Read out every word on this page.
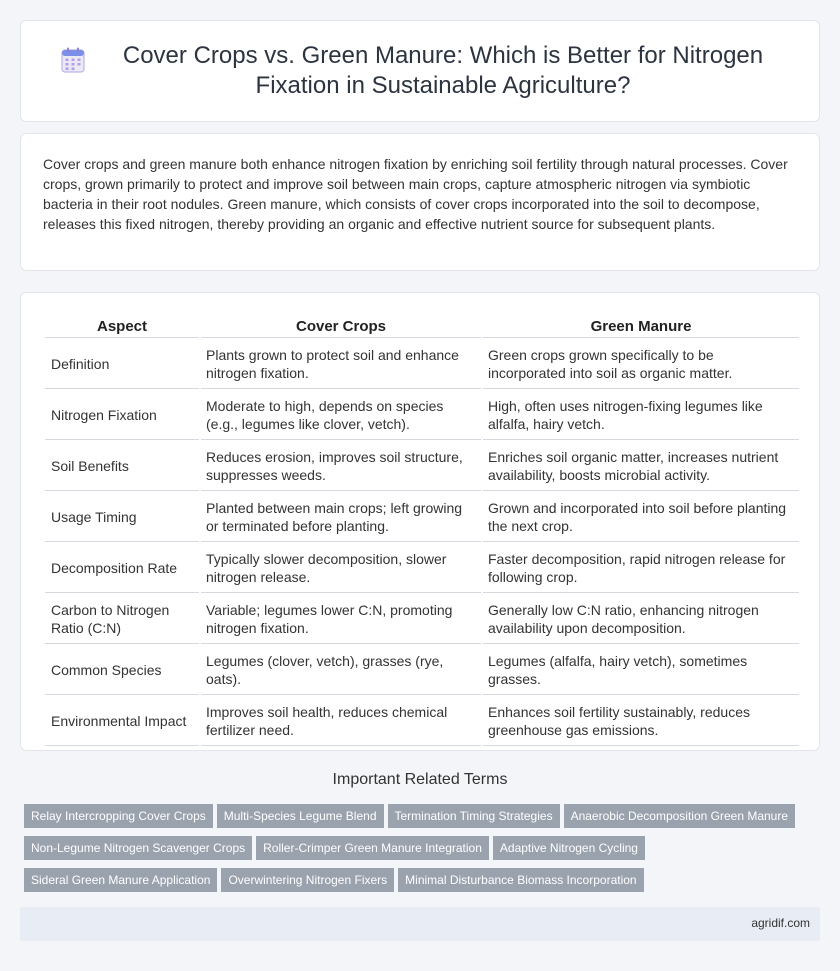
Cover Crops vs. Green Manure: Which is Better for Nitrogen Fixation in Sustainable Agriculture?

Cover crops and green manure both enhance nitrogen fixation by enriching soil fertility through natural processes. Cover crops, grown primarily to protect and improve soil between main crops, capture atmospheric nitrogen via symbiotic bacteria in their root nodules. Green manure, which consists of cover crops incorporated into the soil to decompose, releases this fixed nitrogen, thereby providing an organic and effective nutrient source for subsequent plants.

Aspect	Cover Crops	Green Manure
Definition	Plants grown to protect soil and enhance nitrogen fixation.	Green crops grown specifically to be incorporated into soil as organic matter.
Nitrogen Fixation	Moderate to high, depends on species (e.g., legumes like clover, vetch).	High, often uses nitrogen-fixing legumes like alfalfa, hairy vetch.
Soil Benefits	Reduces erosion, improves soil structure, suppresses weeds.	Enriches soil organic matter, increases nutrient availability, boosts microbial activity.
Usage Timing	Planted between main crops; left growing or terminated before planting.	Grown and incorporated into soil before planting the next crop.
Decomposition Rate	Typically slower decomposition, slower nitrogen release.	Faster decomposition, rapid nitrogen release for following crop.
Carbon to Nitrogen Ratio (C:N)	Variable; legumes lower C:N, promoting nitrogen fixation.	Generally low C:N ratio, enhancing nitrogen availability upon decomposition.
Common Species	Legumes (clover, vetch), grasses (rye, oats).	Legumes (alfalfa, hairy vetch), sometimes grasses.
Environmental Impact	Improves soil health, reduces chemical fertilizer need.	Enhances soil fertility sustainably, reduces greenhouse gas emissions.
Important Related Terms
Relay Intercropping Cover Crops Multi-Species Legume Blend Termination Timing Strategies Anaerobic Decomposition Green Manure
Non-Legume Nitrogen Scavenger Crops Roller-Crimper Green Manure Integration Adaptive Nitrogen Cycling
Sideral Green Manure Application Overwintering Nitrogen Fixers Minimal Disturbance Biomass Incorporation
agridif.com
